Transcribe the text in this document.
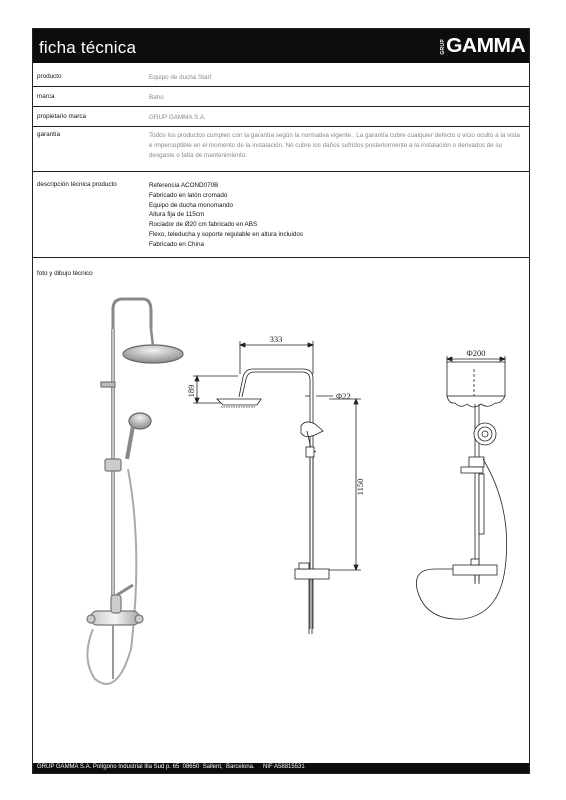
ficha técnica	GRUP GAMMA
producto	Equipo de ducha Start
marca	Baho
propietario marca	GRUP GAMMA S.A.
garantía	Todos los productos cumplen con la garantía según la normativa vigente . La garantía cubre cualquier defecto o vicio oculto a la vista e imperceptible en el momento de la instalación. No cubre los daños sufridos posteriormente a la instalación o derivados de su desgaste o falta de mantenimiento.
descripción técnica producto	Referencia ACOND070B
Fabricado en latón cromado
Equipo de ducha monomando
Altura fija de 115cm
Rociador de Ø20 cm fabricado en ABS
Flexo, teleducha y soporte regulable en altura incluidos
Fabricado en China
foto y dibujo técnico
333
189	Φ22
1150
Φ200
GRUP GAMMA S.A. Polígono Industrial Illa Sud p. 65  08650  Sallent,  Barcelona.     NIF A58815531
